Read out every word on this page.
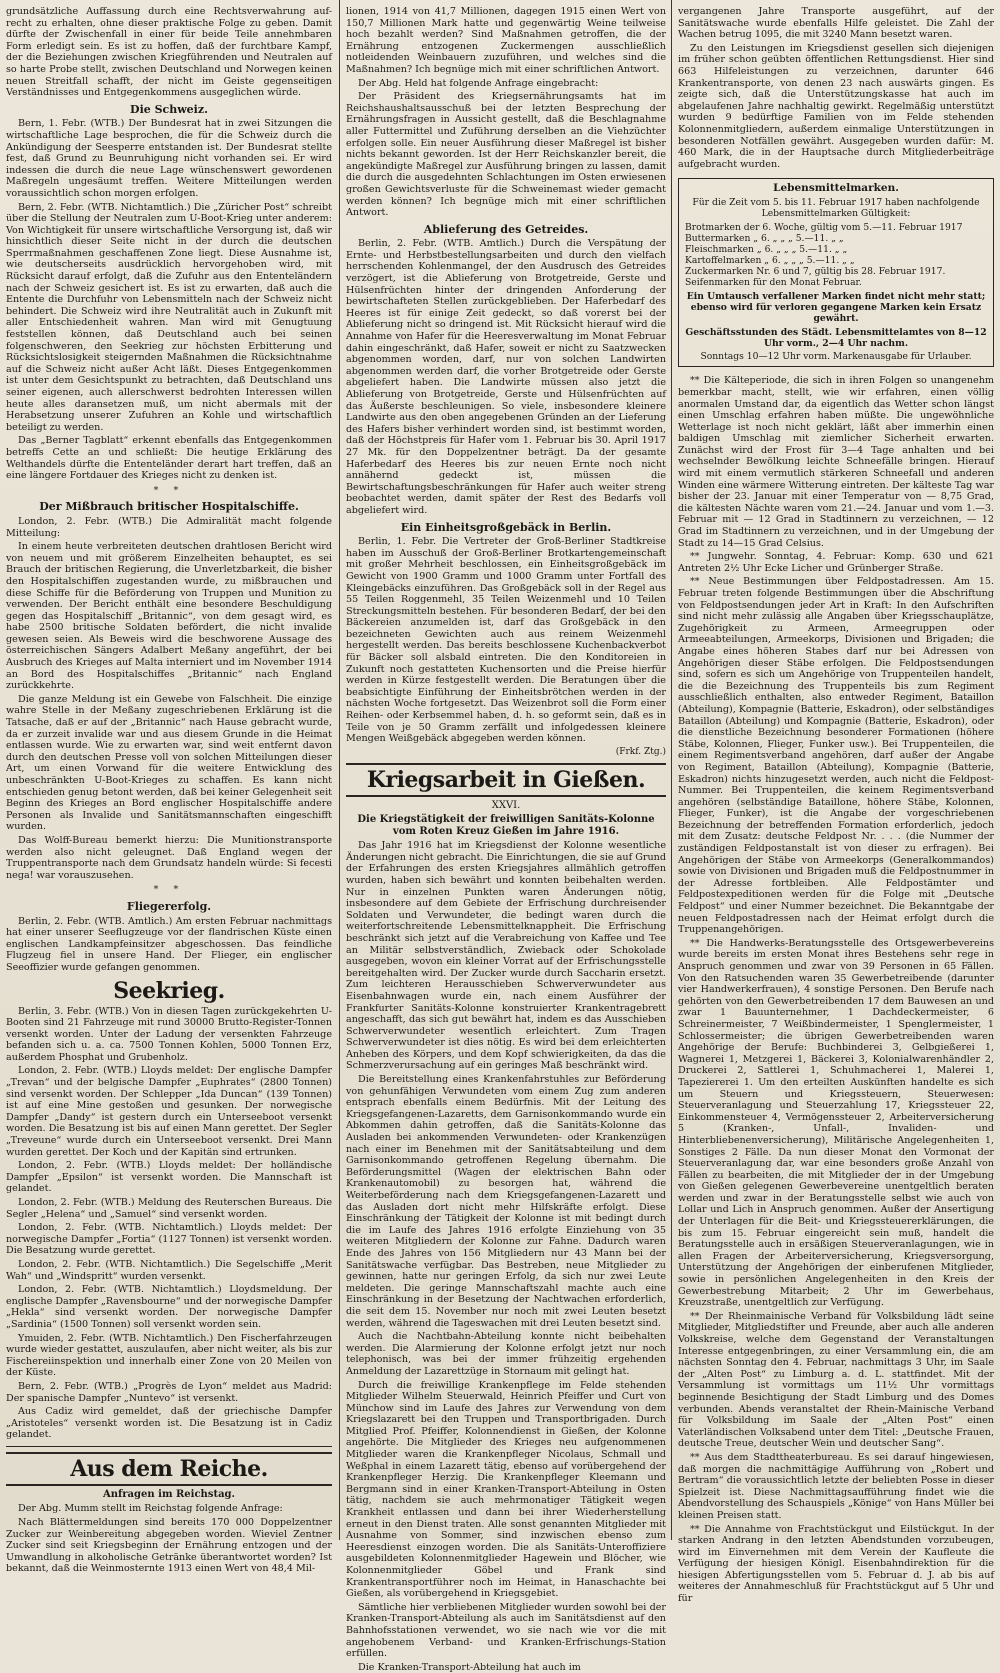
grundsätzliche Auffassung durch eine Rechtsverwahrung auf-recht zu erhalten, ohne dieser praktische Folge zu geben. Damit dürfte der Zwischenfall in einer für beide Teile annehmbaren Form erledigt sein. Es ist zu hoffen, daß der furchtbare Kampf, der die Beziehungen zwischen Kriegführenden und Neutralen auf so harte Probe stellt, zwischen Deutschland und Norwegen keinen neuen Streitfall schafft, der nicht im Geiste gegenseitigen Verständnisses und Entgegenkommens ausgeglichen würde.

Die Schweiz.

Bern, 1. Febr. (WTB.) Der Bundesrat hat in zwei Sitzungen die wirtschaftliche Lage besprochen, die für die Schweiz durch die Ankündigung der Seesperre entstanden ist. Der Bundesrat stellte fest, daß Grund zu Beunruhigung nicht vorhanden sei. Er wird indessen die durch die neue Lage wünschenswert gewordenen Maßregeln ungesäumt treffen. Weitere Mitteilungen werden voraussichtlich schon morgen erfolgen.

Bern, 2. Febr. (WTB. Nichtamtlich.) Die „Züricher Post“ schreibt über die Stellung der Neutralen zum U-Boot-Krieg unter anderem: Von Wichtigkeit für unsere wirtschaftliche Versorgung ist, daß wir hinsichtlich dieser Seite nicht in der durch die deutschen Sperrmaßnahmen geschaffenen Zone liegt. Diese Ausnahme ist, wie deutscherseits ausdrücklich hervorgehoben wird, mit Rücksicht darauf erfolgt, daß die Zufuhr aus den Ententeländern nach der Schweiz gesichert ist. Es ist zu erwarten, daß auch die Entente die Durchfuhr von Lebensmitteln nach der Schweiz nicht behindert. Die Schweiz wird ihre Neutralität auch in Zukunft mit aller Entschiedenheit wahren. Man wird mit Genugtuung feststellen können, daß Deutschland auch bei seinen folgenschweren, den Seekrieg zur höchsten Erbitterung und Rücksichtslosigkeit steigernden Maßnahmen die Rücksichtnahme auf die Schweiz nicht außer Acht läßt. Dieses Entgegenkommen ist unter dem Gesichtspunkt zu betrachten, daß Deutschland uns seiner eigenen, auch allerschwerst bedrohten Interessen willen heute alles daransetzen muß, um nicht abermals mit der Herabsetzung unserer Zufuhren an Kohle und wirtschaftlich beteiligt zu werden.

Das „Berner Tagblatt“ erkennt ebenfalls das Entgegenkommen betreffs Cette an und schließt: Die heutige Erklärung des Welthandels dürfte die Ententeländer derart hart treffen, daß an eine längere Fortdauer des Krieges nicht zu denken ist.

* *
Der Mißbrauch britischer Hospitalschiffe.

London, 2. Febr. (WTB.) Die Admiralität macht folgende Mitteilung:

In einem heute verbreiteten deutschen drahtlosen Bericht wird von neuem und mit größerem Einzelheiten behauptet, es sei Brauch der britischen Regierung, die Unverletzbarkeit, die bisher den Hospitalschiffen zugestanden wurde, zu mißbrauchen und diese Schiffe für die Beförderung von Truppen und Munition zu verwenden. Der Bericht enthält eine besondere Beschuldigung gegen das Hospitalschiff „Britannic“, von dem gesagt wird, es habe 2500 britische Soldaten befördert, die nicht invalide gewesen seien. Als Beweis wird die beschworene Aussage des österreichischen Sängers Adalbert Meßany angeführt, der bei Ausbruch des Krieges auf Malta interniert und im November 1914 an Bord des Hospitalschiffes „Britannic“ nach England zurückkehrte.

Die ganze Meldung ist ein Gewebe von Falschheit. Die einzige wahre Stelle in der Meßany zugeschriebenen Erklärung ist die Tatsache, daß er auf der „Britannic“ nach Hause gebracht wurde, da er zurzeit invalide war und aus diesem Grunde in die Heimat entlassen wurde. Wie zu erwarten war, sind weit entfernt davon durch den deutschen Presse voll von solchen Mitteilungen dieser Art, um einen Vorwand für die weitere Entwicklung des unbeschränkten U-Boot-Krieges zu schaffen. Es kann nicht entschieden genug betont werden, daß bei keiner Gelegenheit seit Beginn des Krieges an Bord englischer Hospitalschiffe andere Personen als Invalide und Sanitätsmannschaften eingeschifft wurden.

Das Wolff-Bureau bemerkt hierzu: Die Munitionstransporte werden also nicht geleugnet. Daß England wegen der Truppentransporte nach dem Grundsatz handeln würde: Si fecesti nega! war vorauszusehen.

* *
Fliegererfolg.

Berlin, 2. Febr. (WTB. Amtlich.) Am ersten Februar nachmittags hat einer unserer Seeflugzeuge vor der flandrischen Küste einen englischen Landkampfeinsitzer abgeschossen. Das feindliche Flugzeug fiel in unsere Hand. Der Flieger, ein englischer Seeoffizier wurde gefangen genommen.

Seekrieg.

Berlin, 3. Febr. (WTB.) Von in diesen Tagen zurückgekehrten U-Booten sind 21 Fahrzeuge mit rund 30000 Brutto-Register-Tonnen versenkt worden. Unter der Ladung der versenkten Fahrzeuge befanden sich u. a. ca. 7500 Tonnen Kohlen, 5000 Tonnen Erz, außerdem Phosphat und Grubenholz.

London, 2. Febr. (WTB.) Lloyds meldet: Der englische Dampfer „Trevan“ und der belgische Dampfer „Euphrates“ (2800 Tonnen) sind versenkt worden. Der Schlepper „Ida Duncan“ (139 Tonnen) ist auf eine Mine gestoßen und gesunken. Der norwegische Dampfer „Dandy“ ist gestern durch ein Unterseeboot versenkt worden. Die Besatzung ist bis auf einen Mann gerettet. Der Segler „Treveune“ wurde durch ein Unterseeboot versenkt. Drei Mann wurden gerettet. Der Koch und der Kapitän sind ertrunken.

London, 2. Febr. (WTB.) Lloyds meldet: Der holländische Dampfer „Epsilon“ ist versenkt worden. Die Mannschaft ist gelandet.

London, 2. Febr. (WTB.) Meldung des Reuterschen Bureaus. Die Segler „Helena“ und „Samuel“ sind versenkt worden.

London, 2. Febr. (WTB. Nichtamtlich.) Lloyds meldet: Der norwegische Dampfer „Fortia“ (1127 Tonnen) ist versenkt worden. Die Besatzung wurde gerettet.

London, 2. Febr. (WTB. Nichtamtlich.) Die Segelschiffe „Merit Wah“ und „Windspritt“ wurden versenkt.

London, 2. Febr. (WTB. Nichtamtlich.) Lloydsmeldung. Der englische Dampfer „Ravensbourne“ und der norwegische Dampfer „Hekla“ sind versenkt worden. Der norwegische Dampfer „Sardinia“ (1500 Tonnen) soll versenkt worden sein.

Ymuiden, 2. Febr. (WTB. Nichtamtlich.) Den Fischerfahrzeugen wurde wieder gestattet, auszulaufen, aber nicht weiter, als bis zur Fischereiinspektion und innerhalb einer Zone von 20 Meilen von der Küste.

Bern, 2. Febr. (WTB.) „Progrès de Lyon“ meldet aus Madrid: Der spanische Dampfer „Nuntevo“ ist versenkt.

Aus Cadiz wird gemeldet, daß der griechische Dampfer „Aristoteles“ versenkt worden ist. Die Besatzung ist in Cadiz gelandet.

Aus dem Reiche.
Anfragen im Reichstag.

Der Abg. Mumm stellt im Reichstag folgende Anfrage:

Nach Blättermeldungen sind bereits 170 000 Doppelzentner Zucker zur Weinbereitung abgegeben worden. Wieviel Zentner Zucker sind seit Kriegsbeginn der Ernährung entzogen und der Umwandlung in alkoholische Getränke überantwortet worden? Ist bekannt, daß die Weinmosternte 1913 einen Wert von 48,4 Mil-

lionen, 1914 von 41,7 Millionen, dagegen 1915 einen Wert von 150,7 Millionen Mark hatte und gegenwärtig Weine teilweise hoch bezahlt werden? Sind Maßnahmen getroffen, die der Ernährung entzogenen Zuckermengen ausschließlich notleidenden Weinbauern zuzuführen, und welches sind die Maßnahmen? Ich begnüge mich mit einer schriftlichen Antwort.

Der Abg. Held hat folgende Anfrage eingebracht:

Der Präsident des Kriegsernährungsamts hat im Reichshaushaltsausschuß bei der letzten Besprechung der Ernährungsfragen in Aussicht gestellt, daß die Beschlagnahme aller Futtermittel und Zuführung derselben an die Viehzüchter erfolgen solle. Ein neuer Ausführung dieser Maßregel ist bisher nichts bekannt geworden. Ist der Herr Reichskanzler bereit, die angekündigte Maßregel zur Ausführung bringen zu lassen, damit die durch die ausgedehnten Schlachtungen im Osten erwiesenen großen Gewichtsverluste für die Schweinemast wieder gemacht werden können? Ich begnüge mich mit einer schriftlichen Antwort.

Ablieferung des Getreides.

Berlin, 2. Febr. (WTB. Amtlich.) Durch die Verspätung der Ernte- und Herbstbestellungsarbeiten und durch den vielfach herrschenden Kohlenmangel, der den Ausdrusch des Getreides verzögert, ist die Ablieferung von Brotgetreide, Gerste und Hülsenfrüchten hinter der dringenden Anforderung der bewirtschafteten Stellen zurückgeblieben. Der Haferbedarf des Heeres ist für einige Zeit gedeckt, so daß vorerst bei der Ablieferung nicht so dringend ist. Mit Rücksicht hierauf wird die Annahme von Hafer für die Heeresverwaltung im Monat Februar dahin eingeschränkt, daß Hafer, soweit er nicht zu Saatzwecken abgenommen worden, darf, nur von solchen Landwirten abgenommen werden darf, die vorher Brotgetreide oder Gerste abgeliefert haben. Die Landwirte müssen also jetzt die Ablieferung von Brotgetreide, Gerste und Hülsenfrüchten auf das Äußerste beschleunigen. So viele, insbesondere kleinere Landwirte aus den oben angegebenen Gründen an der Lieferung des Hafers bisher verhindert worden sind, ist bestimmt worden, daß der Höchstpreis für Hafer vom 1. Februar bis 30. April 1917 27 Mk. für den Doppelzentner beträgt. Da der gesamte Haferbedarf des Heeres bis zur neuen Ernte noch nicht annähernd gedeckt ist, müssen die Bewirtschaftungsbeschränkungen für Hafer auch weiter streng beobachtet werden, damit später der Rest des Bedarfs voll abgeliefert wird.

Ein Einheitsgroßgebäck in Berlin.

Berlin, 1. Febr. Die Vertreter der Groß-Berliner Stadtkreise haben im Ausschuß der Groß-Berliner Brotkartengemeinschaft mit großer Mehrheit beschlossen, ein Einheitsgroßgebäck im Gewicht von 1900 Gramm und 1000 Gramm unter Fortfall des Kleingebäcks einzuführen. Das Großgebäck soll in der Regel aus 55 Teilen Roggenmehl, 35 Teilen Weizenmehl und 10 Teilen Streckungsmitteln bestehen. Für besonderen Bedarf, der bei den Bäckereien anzumelden ist, darf das Großgebäck in den bezeichneten Gewichten auch aus reinem Weizenmehl hergestellt werden. Das bereits beschlossene Kuchenbackverbot für Bäcker soll alsbald eintreten. Die den Konditoreien in Zukunft noch gestatteten Kuchensorten und die Preise hierfür werden in Kürze festgestellt werden. Die Beratungen über die beabsichtigte Einführung der Einheitsbrötchen werden in der nächsten Woche fortgesetzt. Das Weizenbrot soll die Form einer Reihen- oder Kerbsemmel haben, d. h. so geformt sein, daß es in Teile von je 50 Gramm zerfällt und infolgedessen kleinere Mengen Weißgebäck abgegeben werden können.

(Frkf. Ztg.)
Kriegsarbeit in Gießen.
XXVI.
Die Kriegstätigkeit der freiwilligen Sanitäts-Kolonne vom Roten Kreuz Gießen im Jahre 1916.

Das Jahr 1916 hat im Kriegsdienst der Kolonne wesentliche Änderungen nicht gebracht. Die Einrichtungen, die sie auf Grund der Erfahrungen des ersten Kriegsjahres allmählich getroffen wurden, haben sich bewährt und konnten beibehalten werden. Nur in einzelnen Punkten waren Änderungen nötig, insbesondere auf dem Gebiete der Erfrischung durchreisender Soldaten und Verwundeter, die bedingt waren durch die weiterfortschreitende Lebensmittelknappheit. Die Erfrischung beschränkt sich jetzt auf die Verabreichung von Kaffee und Tee an Militär selbstverständlich, Zwieback oder Schokolade ausgegeben, wovon ein kleiner Vorrat auf der Erfrischungsstelle bereitgehalten wird. Der Zucker wurde durch Saccharin ersetzt. Zum leichteren Herausschieben Schwerverwundeter aus Eisenbahnwagen wurde ein, nach einem Ausführer der Frankfurter Sanitäts-Kolonne konstruierter Krankentragebrett angeschafft, das sich gut bewährt hat, indem es das Ausschieben Schwerverwundeter wesentlich erleichtert. Zum Tragen Schwerverwundeter ist dies nötig. Es wird bei dem erleichterten Anheben des Körpers, und dem Kopf schwierigkeiten, da das die Schmerzverursachung auf ein geringes Maß beschränkt wird.

Die Bereitstellung eines Krankenfahrstuhles zur Beförderung von gehunfähigen Verwundeten vom einem Zug zum anderen entsprach ebenfalls einem Bedürfnis. Mit der Leitung des Kriegsgefangenen-Lazaretts, dem Garnisonkommando wurde ein Abkommen dahin getroffen, daß die Sanitäts-Kolonne das Ausladen bei ankommenden Verwundeten- oder Krankenzügen nach einer im Benehmen mit der Sanitätsabteilung und dem Garnisonkommando getroffenen Regelung übernahm. Die Beförderungsmittel (Wagen der elektrischen Bahn oder Krankenautomobil) zu besorgen hat, während die Weiterbeförderung nach dem Kriegsgefangenen-Lazarett und das Ausladen dort nicht mehr Hilfskräfte erfolgt. Diese Einschränkung der Tätigkeit der Kolonne ist mit bedingt durch die im Laufe des Jahres 1916 erfolgte Einziehung von 35 weiteren Mitgliedern der Kolonne zur Fahne. Dadurch waren Ende des Jahres von 156 Mitgliedern nur 43 Mann bei der Sanitätswache verfügbar. Das Bestreben, neue Mitglieder zu gewinnen, hatte nur geringen Erfolg, da sich nur zwei Leute meldeten. Die geringe Mannschaftszahl machte auch eine Einschränkung in der Besetzung der Nachtwachen erforderlich, die seit dem 15. November nur noch mit zwei Leuten besetzt werden, während die Tageswachen mit drei Leuten besetzt sind.

Auch die Nachtbahn-Abteilung konnte nicht beibehalten werden. Die Alarmierung der Kolonne erfolgt jetzt nur noch telephonisch, was bei der immer frühzeitig ergehenden Anmeldung der Lazarettzüge in Stornaum mit gelingt hat.

Durch die freiwillige Krankenpflege im Felde stehenden Mitglieder Wilhelm Steuerwald, Heinrich Pfeiffer und Curt von Münchow sind im Laufe des Jahres zur Verwendung von dem Kriegslazarett bei den Truppen und Transportbrigaden. Durch Mitglied Prof. Pfeiffer, Kolonnendienst in Gießen, der Kolonne angehörte. Die Mitglieder des Krieges neu aufgenommenen Mitglieder waren die Krankenpfleger Nicolaus, Schmall und Weßphal in einem Lazarett tätig, ebenso auf vorübergehend der Krankenpfleger Herzig. Die Krankenpfleger Kleemann und Bergmann sind in einer Kranken-Transport-Abteilung in Osten tätig, nachdem sie auch mehrmonatiger Tätigkeit wegen Krankheit entlassen und dann bei ihrer Wiederherstellung erneut in den Dienst traten. Alle sonst genannten Mitglieder mit Ausnahme von Sommer, sind inzwischen ebenso zum Heeresdienst einzogen worden. Die als Sanitäts-Unteroffiziere ausgebildeten Kolonnenmitglieder Hagewein und Blöcher, wie Kolonnenmitglieder Göbel und Frank sind Krankentransportführer noch im Heimat, in Hanaschachte bei Gießen, als vorübergehend in Kriegsgebiet.

Sämtliche hier verbliebenen Mitglieder wurden sowohl bei der Kranken-Transport-Abteilung als auch im Sanitätsdienst auf den Bahnhofsstationen verwendet, wo sie nach wie vor die mit angehobenem Verband- und Kranken-Erfrischungs-Station erfüllen.

Die Kranken-Transport-Abteilung hat auch im

vergangenen Jahre Transporte ausgeführt, auf der Sanitätswache wurde ebenfalls Hilfe geleistet. Die Zahl der Wachen betrug 1095, die mit 3240 Mann besetzt waren.

Zu den Leistungen im Kriegsdienst gesellen sich diejenigen im früher schon geübten öffentlichen Rettungsdienst. Hier sind 663 Hilfeleistungen zu verzeichnen, darunter 646 Krankentransporte, von denen 23 nach auswärts gingen. Es zeigte sich, daß die Unterstützungskasse hat auch im abgelaufenen Jahre nachhaltig gewirkt. Regelmäßig unterstützt wurden 9 bedürftige Familien von im Felde stehenden Kolonnenmitgliedern, außerdem einmalige Unterstützungen in besonderen Notfällen gewährt. Ausgegeben wurden dafür: M. 460 Mark, die in der Hauptsache durch Mitgliederbeiträge aufgebracht wurden.

Lebensmittelmarken.
Für die Zeit vom 5. bis 11. Februar 1917 haben nachfolgende Lebensmittelmarken Gültigkeit:
Brotmarken der 6. Woche, gültig vom 5.—11. Februar 1917
Buttermarken „ 6. „ „ „ 5.—11. „ „
Fleischmarken „ 6. „ „ „ 5.—11. „ „
Kartoffelmarken „ 6. „ „ „ 5.—11. „ „
Zuckermarken Nr. 6 und 7, gültig bis 28. Februar 1917.
Seifenmarken für den Monat Februar.
Ein Umtausch verfallener Marken findet nicht mehr statt; ebenso wird für verloren gegangene Marken kein Ersatz gewährt.
Geschäftsstunden des Städt. Lebensmittelamtes von 8—12 Uhr vorm., 2—4 Uhr nachm.
Sonntags 10—12 Uhr vorm. Markenausgabe für Urlauber.

** Die Kälteperiode, die sich in ihren Folgen so unangenehm bemerkbar macht, stellt, wie wir erfahren, einen völlig anormalen Umstand dar, da eigentlich das Wetter schon längst einen Umschlag erfahren haben müßte. Die ungewöhnliche Wetterlage ist noch nicht geklärt, läßt aber immerhin einen baldigen Umschlag mit ziemlicher Sicherheit erwarten. Zunächst wird der Frost für 3—4 Tage anhalten und bei wechselnder Bewölkung leichte Schneefälle bringen. Hierauf wird mit einem vermutlich stärkeren Schneefall und anderen Winden eine wärmere Witterung eintreten. Der kälteste Tag war bisher der 23. Januar mit einer Temperatur von — 8,75 Grad, die kältesten Nächte waren vom 21.—24. Januar und vom 1.—3. Februar mit — 12 Grad in Stadtinnern zu verzeichnen, — 12 Grad im Stadtinnern zu verzeichnen, und in der Umgebung der Stadt zu 14—15 Grad Celsius.

** Jungwehr. Sonntag, 4. Februar: Komp. 630 und 621 Antreten 2½ Uhr Ecke Licher und Grünberger Straße.

** Neue Bestimmungen über Feldpostadressen. Am 15. Februar treten folgende Bestimmungen über die Abschriftung von Feldpostsendungen jeder Art in Kraft: In den Aufschriften sind nicht mehr zulässig alle Angaben über Kriegsschauplätze, Zugehörigkeit zu Armeen, Armeegruppen oder Armeeabteilungen, Armeekorps, Divisionen und Brigaden; die Angabe eines höheren Stabes darf nur bei Adressen von Angehörigen dieser Stäbe erfolgen. Die Feldpostsendungen sind, sofern es sich um Angehörige von Truppenteilen handelt, die die Bezeichnung des Truppenteils bis zum Regiment ausschließlich enthalten, also entweder Regiment, Bataillon (Abteilung), Kompagnie (Batterie, Eskadron), oder selbständiges Bataillon (Abteilung) und Kompagnie (Batterie, Eskadron), oder die dienstliche Bezeichnung besonderer Formationen (höhere Stäbe, Kolonnen, Flieger, Funker usw.). Bei Truppenteilen, die einem Regimentsverband angehören, darf außer der Angabe von Regiment, Bataillon (Abteilung), Kompagnie (Batterie, Eskadron) nichts hinzugesetzt werden, auch nicht die Feldpost-Nummer. Bei Truppenteilen, die keinem Regimentsverband angehören (selbständige Bataillone, höhere Stäbe, Kolonnen, Flieger, Funker), ist die Angabe der vorgeschriebenen Bezeichnung der betreffenden Formation erforderlich, jedoch mit dem Zusatz: deutsche Feldpost Nr. . . . (die Nummer der zuständigen Feldpostanstalt ist von dieser zu erfragen). Bei Angehörigen der Stäbe von Armeekorps (Generalkommandos) sowie von Divisionen und Brigaden muß die Feldpostnummer in der Adresse fortbleiben. Alle Feldpostämter und Feldpostexpeditionen werden für die Folge mit „Deutsche Feldpost“ und einer Nummer bezeichnet. Die Bekanntgabe der neuen Feldpostadressen nach der Heimat erfolgt durch die Truppenangehörigen.

** Die Handwerks-Beratungsstelle des Ortsgewerbevereins wurde bereits im ersten Monat ihres Bestehens sehr rege in Anspruch genommen und zwar von 39 Personen in 65 Fällen. Von den Ratsuchenden waren 35 Gewerbetreibende (darunter vier Handwerkerfrauen), 4 sonstige Personen. Den Berufe nach gehörten von den Gewerbetreibenden 17 dem Bauwesen an und zwar 1 Bauunternehmer, 1 Dachdeckermeister, 6 Schreinermeister, 7 Weißbindermeister, 1 Spenglermeister, 1 Schlossermeister; die übrigen Gewerbetreibenden waren Angehörige der Berufe: Buchbinderei 3, Gelbgießerei 1, Wagnerei 1, Metzgerei 1, Bäckerei 3, Kolonialwarenhändler 2, Druckerei 2, Sattlerei 1, Schuhmacherei 1, Malerei 1, Tapeziererei 1. Um den erteilten Auskünften handelte es sich um Steuern und Kriegssteuern, Steuerwesen: Steuerveranlagung und Steuerzahlung 17, Kriegssteuer 22, Einkommensteuer 4, Vermögenssteuer 2, Arbeiterversicherung 5 (Kranken-, Unfall-, Invaliden- und Hinterbliebenenversicherung), Militärische Angelegenheiten 1, Sonstiges 2 Fälle. Da nun dieser Monat den Vormonat der Steuerveranlagung dar, war eine besonders große Anzahl von Fällen zu bearbeiten, die mit Mitglieder der in der Umgebung von Gießen gelegenen Gewerbevereine unentgeltlich beraten werden und zwar in der Beratungsstelle selbst wie auch von Lollar und Lich in Anspruch genommen. Außer der Ansertigung der Unterlagen für die Beit- und Kriegssteuererklärungen, die bis zum 15. Februar eingereicht sein muß, handelt die Beratungsstelle auch in ersäßigen Steuerveranlagungen, wie in allen Fragen der Arbeiterversicherung, Kriegsversorgung, Unterstützung der Angehörigen der einberufenen Mitglieder, sowie in persönlichen Angelegenheiten in den Kreis der Gewerbestrebung Mitarbeit; 2 Uhr im Gewerbehaus, Kreuzstraße, unentgeltlich zur Verfügung.

** Der Rheinmainische Verband für Volksbildung lädt seine Mitglieder, Mitgliedstifter und Freunde, aber auch alle anderen Volkskreise, welche dem Gegenstand der Veranstaltungen Interesse entgegenbringen, zu einer Versammlung ein, die am nächsten Sonntag den 4. Februar, nachmittags 3 Uhr, im Saale der „Alten Post“ zu Limburg a. d. L. stattfindet. Mit der Versammlung ist vormittags um 11½ Uhr vormittags beginnende Besichtigung der Stadt Limburg und des Domes verbunden. Abends veranstaltet der Rhein-Mainische Verband für Volksbildung im Saale der „Alten Post“ einen Vaterländischen Volksabend unter dem Titel: „Deutsche Frauen, deutsche Treue, deutscher Wein und deutscher Sang“.

** Aus dem Stadttheaterbureau. Es sei darauf hingewiesen, daß morgen die nachmittägige Aufführung von „Robert und Bertram“ die voraussichtlich letzte der beliebten Posse in dieser Spielzeit ist. Diese Nachmittagsaufführung findet wie die Abendvorstellung des Schauspiels „Könige“ von Hans Müller bei kleinen Preisen statt.

** Die Annahme von Frachtstückgut und Eilstückgut. In der starken Andrang in den letzten Abendstunden vorzubeugen, wird im Einvernehmen mit dem Verein der Kaufleute die Verfügung der hiesigen Königl. Eisenbahndirektion für die hiesigen Abfertigungsstellen vom 5. Februar d. J. ab bis auf weiteres der Annahmeschluß für Frachtstückgut auf 5 Uhr und für
